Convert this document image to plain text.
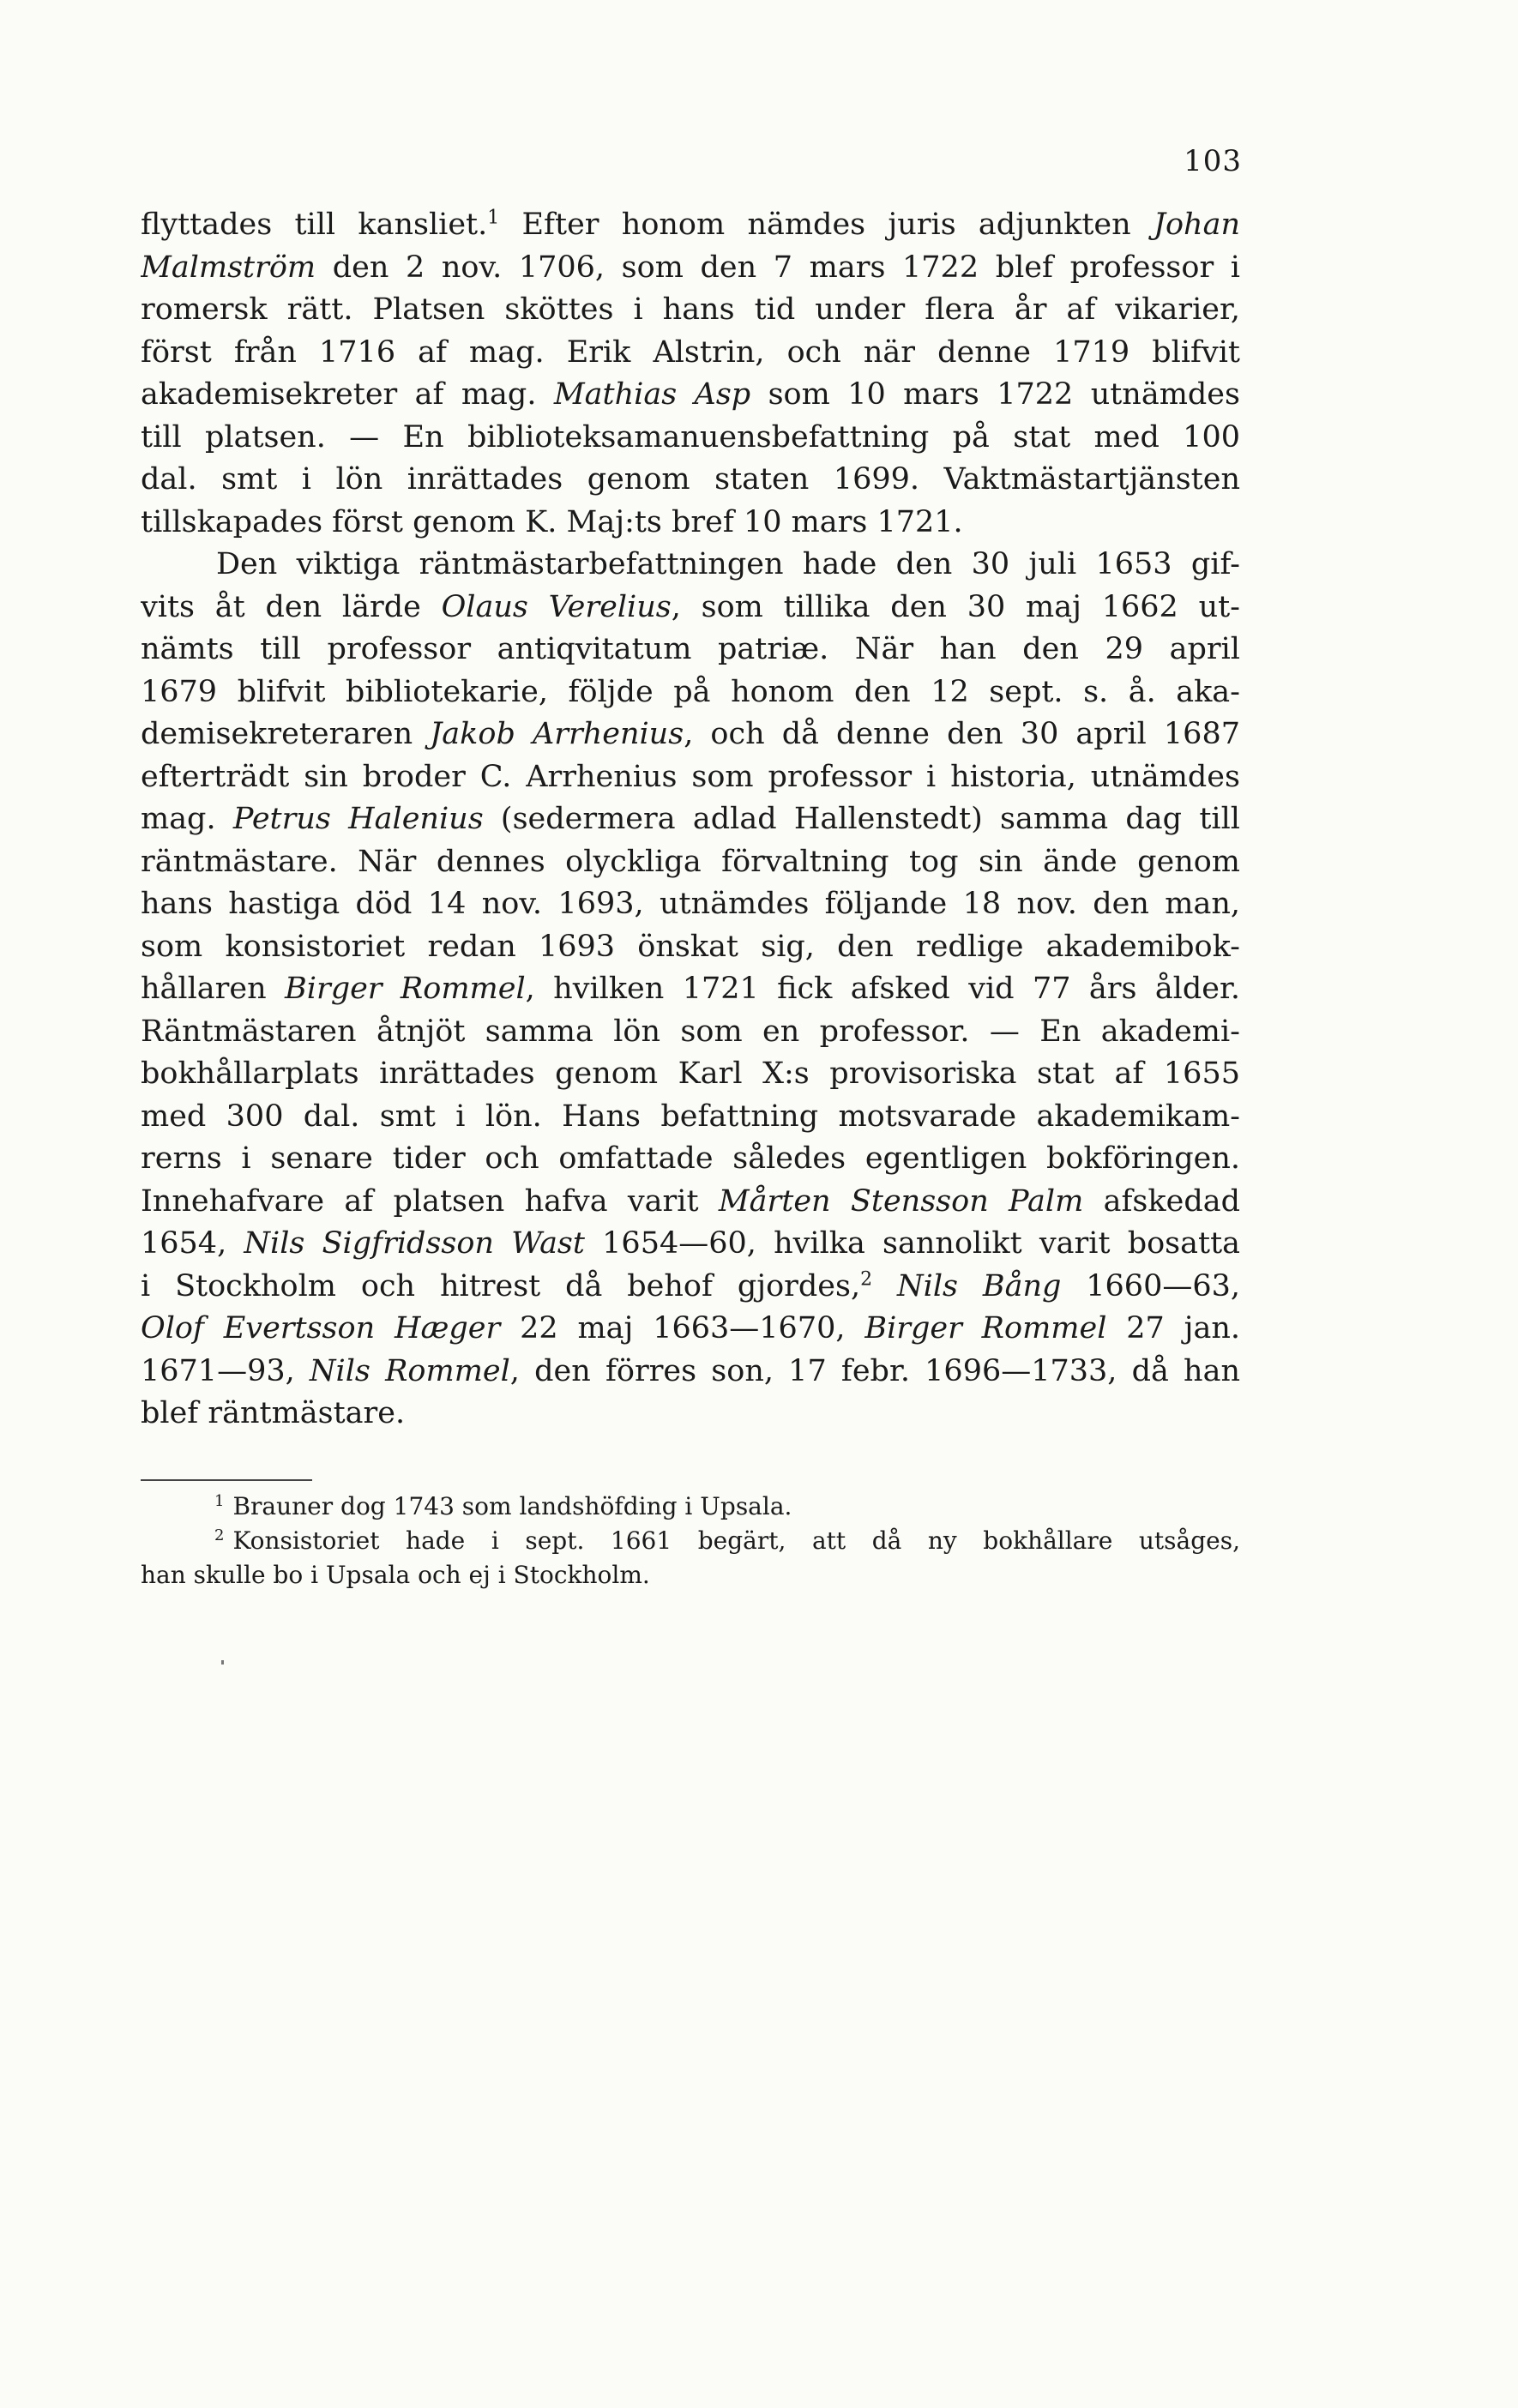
103
flyttades till kansliet.$^1$ Efter honom nämdes juris adjunkten Johan
Malmström den 2 nov. 1706, som den 7 mars 1722 blef professor i
romersk rätt. Platsen sköttes i hans tid under flera år af vikarier,
först från 1716 af mag. Erik Alstrin, och när denne 1719 blifvit
akademisekreter af mag. Mathias Asp som 10 mars 1722 utnämdes
till platsen. — En biblioteksamanuensbefattning på stat med 100
dal. smt i lön inrättades genom staten 1699. Vaktmästartjänsten
tillskapades först genom K. Maj:ts bref 10 mars 1721.
Den viktiga räntmästarbefattningen hade den 30 juli 1653 gif-
vits åt den lärde Olaus Verelius, som tillika den 30 maj 1662 ut-
nämts till professor antiqvitatum patriæ. När han den 29 april
1679 blifvit bibliotekarie, följde på honom den 12 sept. s. å. aka-
demisekreteraren Jakob Arrhenius, och då denne den 30 april 1687
efterträdt sin broder C. Arrhenius som professor i historia, utnämdes
mag. Petrus Halenius (sedermera adlad Hallenstedt) samma dag till
räntmästare. När dennes olyckliga förvaltning tog sin ände genom
hans hastiga död 14 nov. 1693, utnämdes följande 18 nov. den man,
som konsistoriet redan 1693 önskat sig, den redlige akademibok-
hållaren Birger Rommel, hvilken 1721 fick afsked vid 77 års ålder.
Räntmästaren åtnjöt samma lön som en professor. — En akademi-
bokhållarplats inrättades genom Karl X:s provisoriska stat af 1655
med 300 dal. smt i lön. Hans befattning motsvarade akademikam-
rerns i senare tider och omfattade således egentligen bokföringen.
Innehafvare af platsen hafva varit Mårten Stensson Palm afskedad
1654, Nils Sigfridsson Wast 1654—60, hvilka sannolikt varit bosatta
i Stockholm och hitrest då behof gjordes,$^2$ Nils Bång 1660—63,
Olof Evertsson Hæger 22 maj 1663—1670, Birger Rommel 27 jan.
1671—93, Nils Rommel, den förres son, 17 febr. 1696—1733, då han
blef räntmästare.
$^1$ Brauner dog 1743 som landshöfding i Upsala.
$^2$ Konsistoriet hade i sept. 1661 begärt, att då ny bokhållare utsåges,
han skulle bo i Upsala och ej i Stockholm.
